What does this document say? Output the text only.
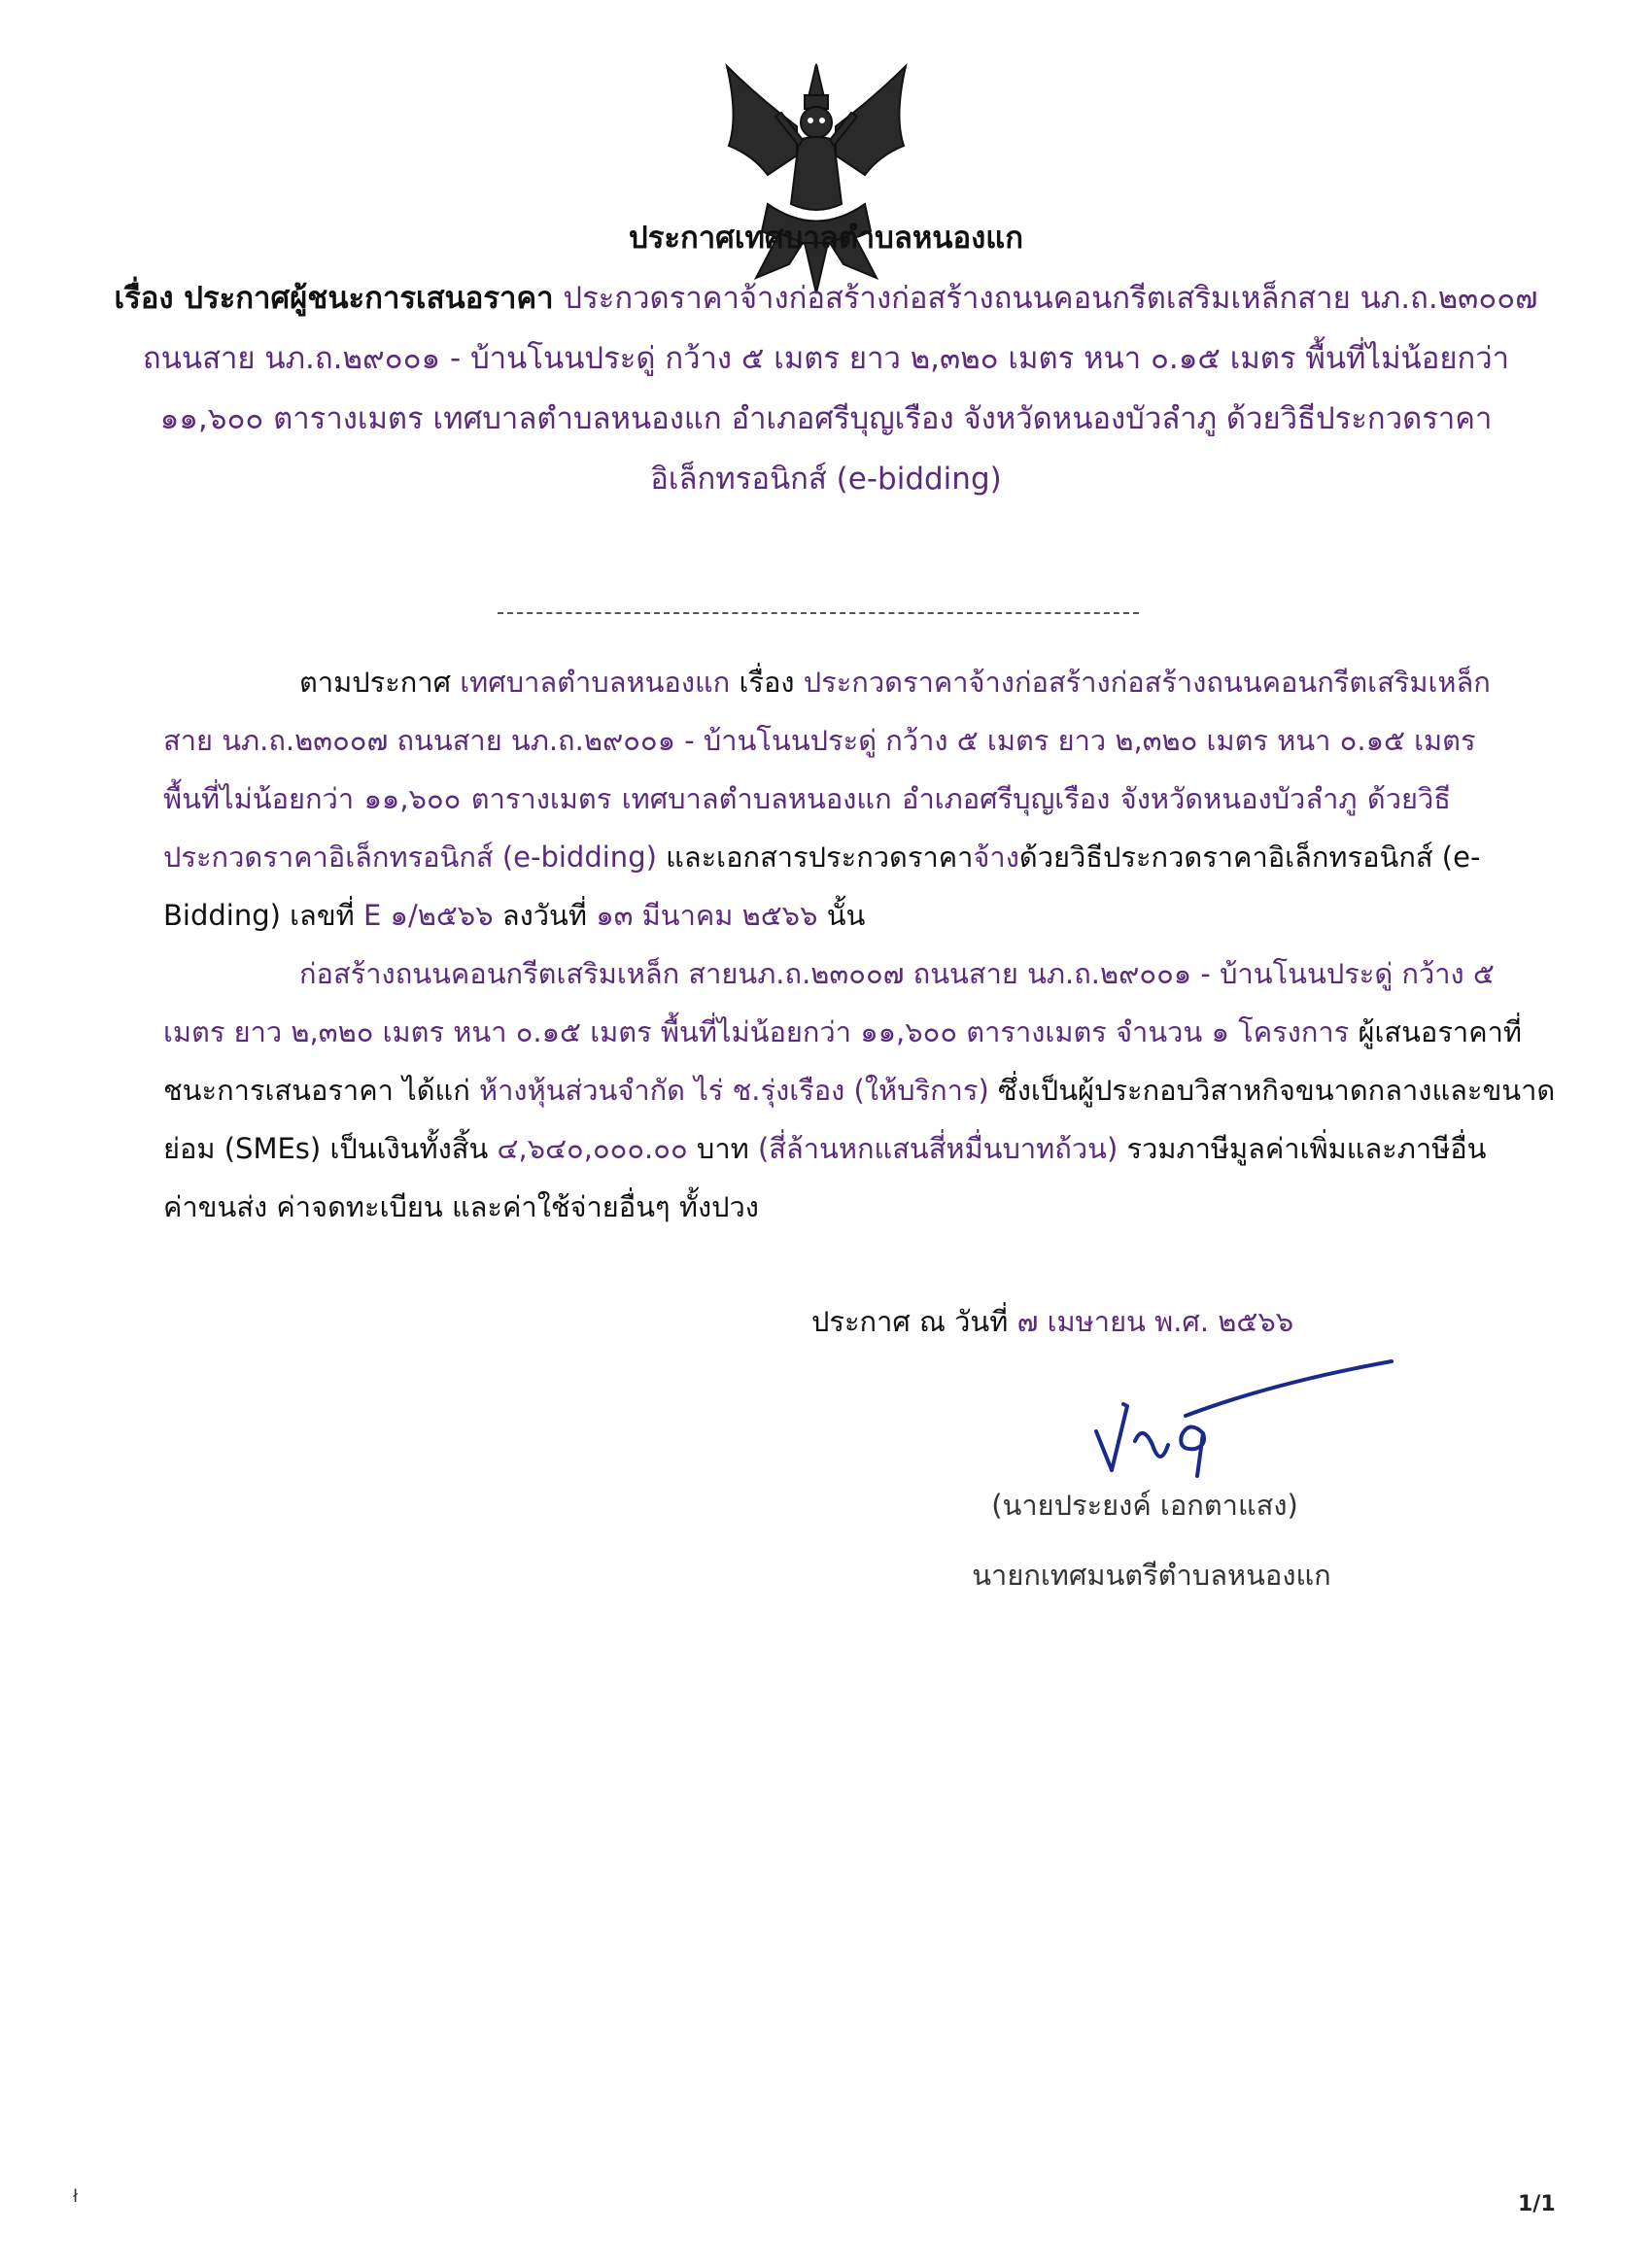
ประกาศเทศบาลตำบลหนองแก
เรื่อง ประกาศผู้ชนะการเสนอราคา ประกวดราคาจ้างก่อสร้างก่อสร้างถนนคอนกรีตเสริมเหล็กสาย นภ.ถ.๒๓๐๐๗
ถนนสาย นภ.ถ.๒๙๐๐๑ - บ้านโนนประดู่ กว้าง ๕ เมตร ยาว ๒,๓๒๐ เมตร หนา ๐.๑๕ เมตร พื้นที่ไม่น้อยกว่า
๑๑,๖๐๐ ตารางเมตร เทศบาลตำบลหนองแก อำเภอศรีบุญเรือง จังหวัดหนองบัวลำภู ด้วยวิธีประกวดราคา
อิเล็กทรอนิกส์ (e-bidding)
ตามประกาศ เทศบาลตำบลหนองแก เรื่อง ประกวดราคาจ้างก่อสร้างก่อสร้างถนนคอนกรีตเสริมเหล็ก
สาย นภ.ถ.๒๓๐๐๗ ถนนสาย นภ.ถ.๒๙๐๐๑ - บ้านโนนประดู่ กว้าง ๕ เมตร ยาว ๒,๓๒๐ เมตร หนา ๐.๑๕ เมตร
พื้นที่ไม่น้อยกว่า ๑๑,๖๐๐ ตารางเมตร เทศบาลตำบลหนองแก อำเภอศรีบุญเรือง จังหวัดหนองบัวลำภู ด้วยวิธี
ประกวดราคาอิเล็กทรอนิกส์ (e-bidding) และเอกสารประกวดราคาจ้างด้วยวิธีประกวดราคาอิเล็กทรอนิกส์ (e-
Bidding) เลขที่ E ๑/๒๕๖๖ ลงวันที่ ๑๓ มีนาคม ๒๕๖๖ นั้น
ก่อสร้างถนนคอนกรีตเสริมเหล็ก สายนภ.ถ.๒๓๐๐๗ ถนนสาย นภ.ถ.๒๙๐๐๑ - บ้านโนนประดู่ กว้าง ๕
เมตร ยาว ๒,๓๒๐ เมตร หนา ๐.๑๕ เมตร พื้นที่ไม่น้อยกว่า ๑๑,๖๐๐ ตารางเมตร จำนวน ๑ โครงการ ผู้เสนอราคาที่
ชนะการเสนอราคา ได้แก่ ห้างหุ้นส่วนจำกัด ไร่ ช.รุ่งเรือง (ให้บริการ) ซึ่งเป็นผู้ประกอบวิสาหกิจขนาดกลางและขนาด
ย่อม (SMEs) เป็นเงินทั้งสิ้น ๔,๖๔๐,๐๐๐.๐๐ บาท (สี่ล้านหกแสนสี่หมื่นบาทถ้วน) รวมภาษีมูลค่าเพิ่มและภาษีอื่น
ค่าขนส่ง ค่าจดทะเบียน และค่าใช้จ่ายอื่นๆ ทั้งปวง
ประกาศ ณ วันที่ ๗ เมษายน พ.ศ. ๒๕๖๖
(นายประยงค์ เอกตาแสง)
นายกเทศมนตรีตำบลหนองแก
ł	1/1
